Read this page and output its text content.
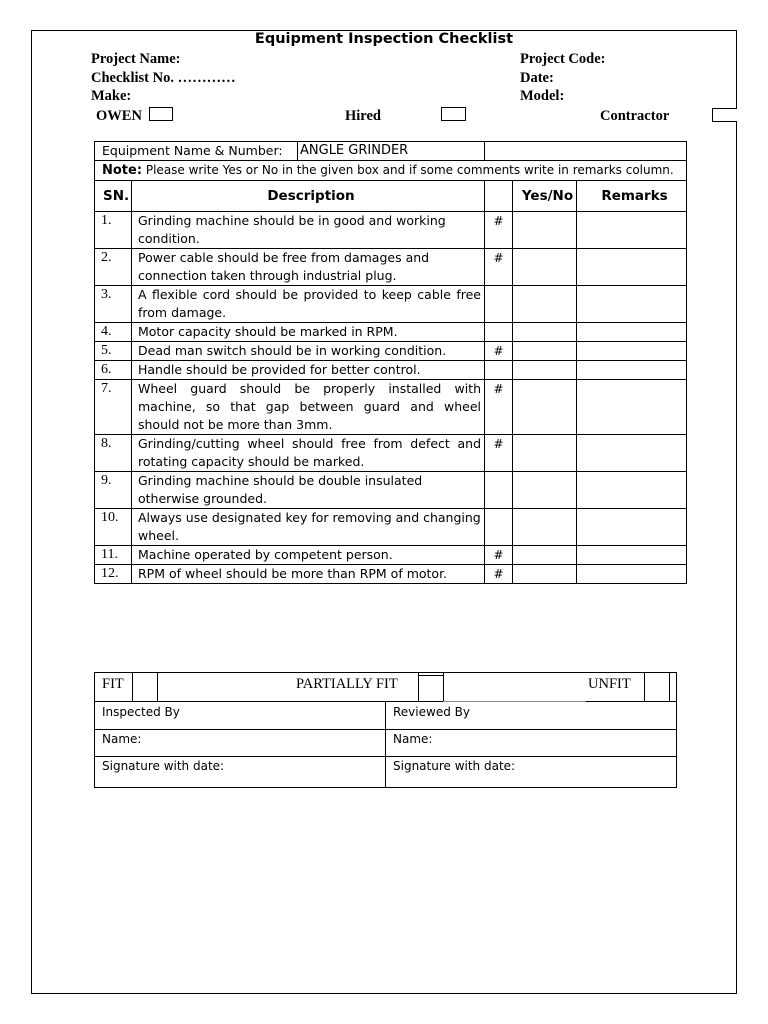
Equipment Inspection Checklist
Project Name:	Project Code:
Checklist No. …………	Date:
Make:	Model:
OWEN	Hired	Contractor
Equipment Name & Number: ANGLE GRINDER				

Note: Please write Yes or No in the given box and if some comments write in remarks column.				
SN.	Description		Yes/No	Remarks
1.	Grinding machine should be in good and working condition.	#		
2.	Power cable should be free from damages and connection taken through industrial plug.	#		
3.	A flexible cord should be provided to keep cable free from damage.			
4.	Motor capacity should be marked in RPM.			
5.	Dead man switch should be in working condition.	#		
6.	Handle should be provided for better control.			
7.	Wheel guard should be properly installed with machine, so that gap between guard and wheel should not be more than 3mm.	#		
8.	Grinding/cutting wheel should free from defect and rotating capacity should be marked.	#		
9.	Grinding machine should be double insulated otherwise grounded.			
10.	Always use designated key for removing and changing wheel.			
11.	Machine operated by competent person.	#		
12.	RPM of wheel should be more than RPM of motor.	#		
FIT PARTIALLY FIT UNFIT	

Inspected By	Reviewed By
Name:	Name:
Signature with date:	Signature with date:
